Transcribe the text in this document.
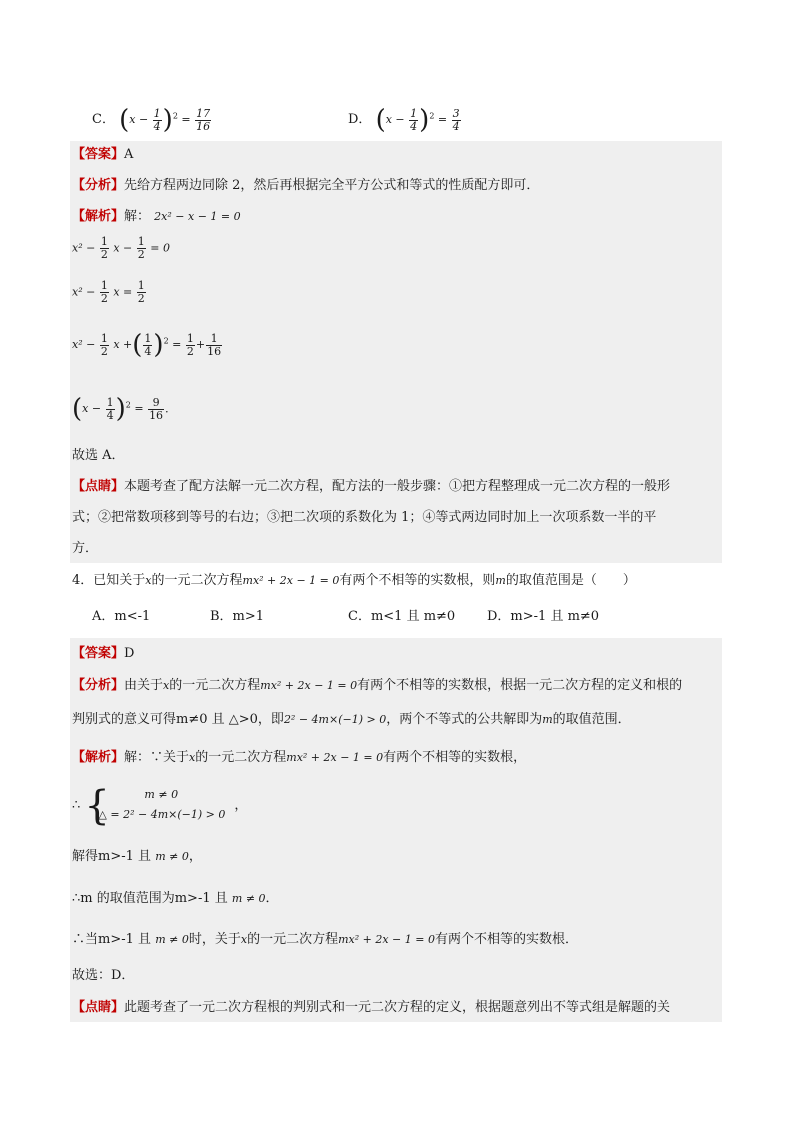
C． $(x - \frac{1}{4} )^2 = \frac{17}{16}$	D． $(x - \frac{1}{4} )^2 = \frac{3}{4}$
【答案】A
【分析】先给方程两边同除 2，然后再根据完全平方公式和等式的性质配方即可．
【解析】解： 2x² − x − 1 = 0
$x^2 - \frac{1}{2}$ $x - \frac{1}{2} = 0$
$x^2 - \frac{1}{2}$ $x = \frac{1}{2}$
$x^2 - \frac{1}{2}$ x +( $\frac{1}{4} )^2 = \frac{1}{2} + \frac{1}{16}$
$(x - \frac{1}{4} )^2 = \frac{9}{16}$ ．
故选 A．
【点睛】本题考查了配方法解一元二次方程，配方法的一般步骤：①把方程整理成一元二次方程的一般形
式；②把常数项移到等号的右边；③把二次项的系数化为 1；④等式两边同时加上一次项系数一半的平
方．
4．已知关于x的一元二次方程mx² + 2x − 1 = 0有两个不相等的实数根，则m的取值范围是（　　）
A．m<-1	B．m>1	C．m<1 且 m≠0 D．m>-1 且 m≠0
【答案】D
【分析】由关于x的一元二次方程mx² + 2x − 1 = 0有两个不相等的实数根，根据一元二次方程的定义和根的
判别式的意义可得m≠0 且 △>0，即2² − 4m×(−1) > 0，两个不等式的公共解即为m的取值范围．
【解析】解：∵关于x的一元二次方程mx² + 2x − 1 = 0有两个不相等的实数根，
∴ {	m ≠ 0
△ = 2² − 4m×(−1) > 0
，
解得m>-1 且 m ≠ 0，
∴m 的取值范围为m>-1 且 m ≠ 0．
∴当m>-1 且 m ≠ 0时，关于x的一元二次方程mx² + 2x − 1 = 0有两个不相等的实数根．
故选：D．
【点睛】此题考查了一元二次方程根的判别式和一元二次方程的定义，根据题意列出不等式组是解题的关
